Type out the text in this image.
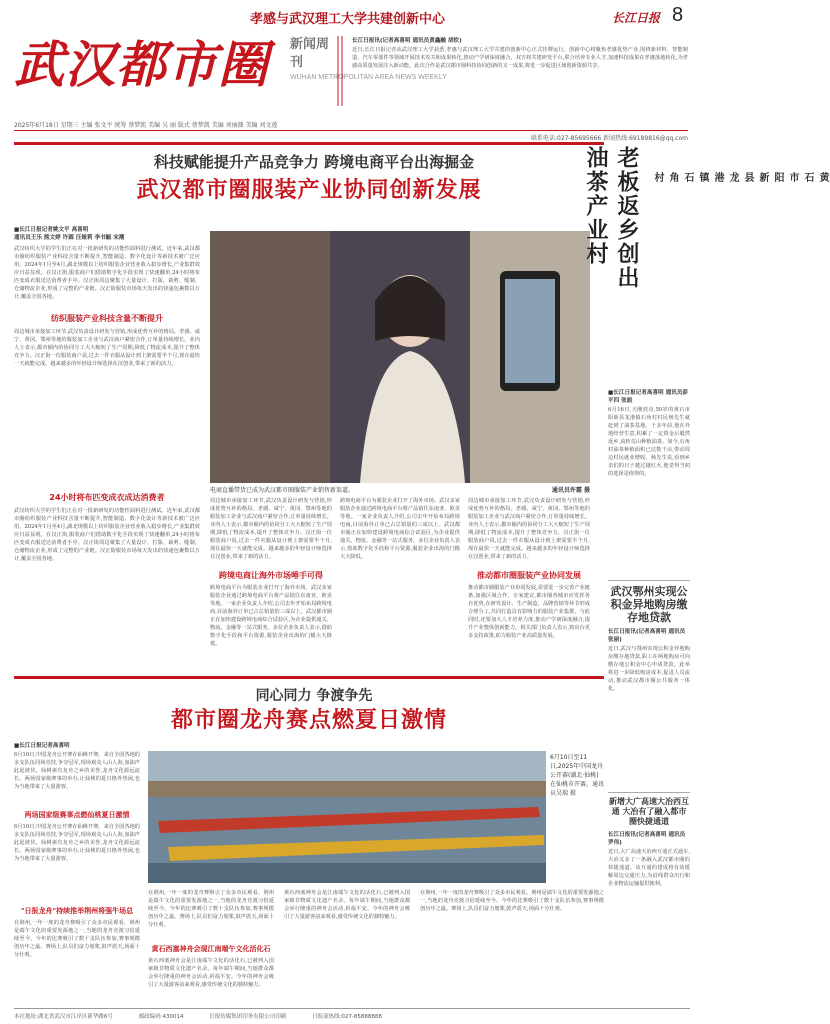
孝感与武汉理工大学共建创新中心	长江日报 8
武汉都市圈 新闻周刊
WUHAN METROPOLITAN AREA NEWS WEEKLY
长江日报讯(记者高喜明 通讯员黄鑫融 胡钦)
近日,长江日报记者从武汉理工大学获悉,孝感与武汉理工大学共建的创新中心正式挂牌运行。创新中心将聚焦孝感优势产业,围绕新材料、智能制造、汽车零部件等领域开展技术攻关和成果转化,推动产学研深度融合。双方将共建研发平台,联合培养专业人才,加速科技成果在孝感落地转化,为孝感高质量发展注入新动能。此次合作是武汉都市圈科技协同创新的又一成果,将进一步促进区域创新资源共享。
2025年6月18日 星期三 主编 张文平 统筹 蔡梦凯 美编 吴 丽 版式 蔡梦凯 美编 刘丽薇 美编 刘文莲
联系电话:027-85695666 新闻热线:69189816@qq.com
科技赋能提升产品竞争力 跨境电商平台出海掘金
武汉都市圈服装产业协同创新发展
■长江日报记者姚文平 高喜明
通讯员王乐 熊文婷 许圆 汪娅莉 李书毓 宋潮
武汉纺织大学的学生们正在对一批新研发的功能性面料进行测试。近年来,武汉都市圈纺织服装产业科技含量不断提升,智能制造、数字化设计等新技术被广泛应用。2024年1月至4月,湖北规模以上纺织服装企业营业收入稳步增长,产业集群效应日益显现。在汉正街,服装商户们借助数字化手段实现了快速翻单,24小时将布匹变成衣服送达消费者手中。汉正街周边聚集了大量设计、打版、裁剪、缝制、仓储物流企业,形成了完整的产业链。汉正街服装市场每天发出的快递包裹数以万计,覆盖全国各地。
纺织服装产业科技含量不断提升
周边城市承接加工环节,武汉负责设计研发与营销,形成优势互补的格局。孝感、咸宁、黄冈、鄂州等地的服装加工企业与武汉商户紧密合作,订单量持续增长。业内人士表示,都市圈内的协同分工大大缩短了生产周期,降低了物流成本,提升了整体竞争力。汉正街一位服装商户说,过去一件衣服从设计到上架需要半个月,现在最快一天就能完成。越来越多的年轻设计师选择在汉创业,带来了新的活力。
24小时将布匹变成衣成达消费者
武汉纺织大学的学生们正在对一批新研发的功能性面料进行测试。近年来,武汉都市圈纺织服装产业科技含量不断提升,智能制造、数字化设计等新技术被广泛应用。2024年1月至4月,湖北规模以上纺织服装企业营业收入稳步增长,产业集群效应日益显现。在汉正街,服装商户们借助数字化手段实现了快速翻单,24小时将布匹变成衣服送达消费者手中。汉正街周边聚集了大量设计、打版、裁剪、缝制、仓储物流企业,形成了完整的产业链。汉正街服装市场每天发出的快递包裹数以万计,覆盖全国各地。
电商直播带货已成为武汉都市圈服装产业销售新渠道。	通讯员许霜 摄
周边城市承接加工环节,武汉负责设计研发与营销,形成优势互补的格局。孝感、咸宁、黄冈、鄂州等地的服装加工企业与武汉商户紧密合作,订单量持续增长。业内人士表示,都市圈内的协同分工大大缩短了生产周期,降低了物流成本,提升了整体竞争力。汉正街一位服装商户说,过去一件衣服从设计到上架需要半个月,现在最快一天就能完成。越来越多的年轻设计师选择在汉创业,带来了新的活力。
跨境电商让海外市场唾手可得
跨境电商平台为服装企业打开了海外市场。武汉多家服装企业通过跨境电商平台将产品销往东南亚、欧美等地。一家企业负责人介绍,公司去年开始布局跨境电商,目前海外订单已占总销量的三成以上。武汉都市圈正在加快建设跨境电商综合试验区,为企业提供通关、物流、金融等一站式服务。多位企业负责人表示,借助数字化手段和平台资源,服装企业出海的门槛大大降低。
跨境电商平台为服装企业打开了海外市场。武汉多家服装企业通过跨境电商平台将产品销往东南亚、欧美等地。一家企业负责人介绍,公司去年开始布局跨境电商,目前海外订单已占总销量的三成以上。武汉都市圈正在加快建设跨境电商综合试验区,为企业提供通关、物流、金融等一站式服务。多位企业负责人表示,借助数字化手段和平台资源,服装企业出海的门槛大大降低。
周边城市承接加工环节,武汉负责设计研发与营销,形成优势互补的格局。孝感、咸宁、黄冈、鄂州等地的服装加工企业与武汉商户紧密合作,订单量持续增长。业内人士表示,都市圈内的协同分工大大缩短了生产周期,降低了物流成本,提升了整体竞争力。汉正街一位服装商户说,过去一件衣服从设计到上架需要半个月,现在最快一天就能完成。越来越多的年轻设计师选择在汉创业,带来了新的活力。
推动都市圈服装产业协同发展
推动都市圈服装产业协同发展,需要进一步完善产业链条,加强区域合作。专家建议,都市圈各城市应发挥各自优势,在研发设计、生产制造、品牌营销等环节形成合理分工,共同打造具有影响力的服装产业集群。与此同时,还要加大人才培养力度,推动产学研深度融合,提升产业整体创新能力。相关部门负责人表示,将出台更多支持政策,助力服装产业高质量发展。
老板返乡创出油茶产业村	黄石市阳新县龙港镇石角村
■长江日报记者高喜明 通讯员彭平四 张振
6月16日,天刚放亮,50岁的黄石市阳新县龙港镇石角村村民杨先生就赶到了油茶基地。十多年前,他在外地经营生意,积累了一定资金后毅然返乡,流转荒山种植油茶。如今,石角村油茶种植面积已达数千亩,带动周边村民就业增收。杨先生说,看到乡亲们的日子越过越红火,他觉得当初的选择是值得的。
武汉鄂州实现公积金异地购房缴存地贷款
长江日报讯(记者高喜明 通讯员张丽)
近日,武汉与鄂州实现公积金异地购房缴存地贷款,职工在两地购房可向缴存地公积金中心申请贷款。此举将进一步降低购房成本,促进人员流动,推动武汉都市圈公共服务一体化。
新增大广高速大冶西互通 大冶有了融入都市圈快捷通道
长江日报讯(记者高喜明 通讯员 罗伟)
近日,大广高速大冶西互通正式通车,大冶又多了一条融入武汉都市圈的快捷通道。该互通的建成将有效缓解周边交通压力,为沿线群众出行和企业物流运输提供便利。
同心同力 争渡争先
都市圈龙舟赛点燃夏日激情
■长江日报记者高喜明
6月10日,中国龙舟公开赛在仙桃开赛。来自全国各地的多支队伍同场竞技,争夺冠军,现场观众人山人海,加油声此起彼伏。仙桃素有龙舟之乡的美誉,龙舟文化源远流长。两场国家级赛事的举办,让仙桃的夏日格外热闹,也为当地带来了大量游客。
两场国家级赛事点燃仙桃夏日激情
6月10日,中国龙舟公开赛在仙桃开赛。来自全国各地的多支队伍同场竞技,争夺冠军,现场观众人山人海,加油声此起彼伏。仙桃素有龙舟之乡的美誉,龙舟文化源远流长。两场国家级赛事的举办,让仙桃的夏日格外热闹,也为当地带来了大量游客。
"日报龙舟"持续推举荆州将强牛场总
在荆州,一年一度的龙舟赛吸引了众多市民观看。荆州是端午文化的重要发源地之一,当地的龙舟竞渡习俗延续至今。今年的比赛吸引了数十支队伍参加,赛事规模创历年之最。赛场上,队员们奋力划桨,鼓声震天,场面十分壮观。
6月10日至11日,2025年中国龙舟公开赛(湖北·仙桃)在仙桃市开赛。通讯员吴瑞 摄
在荆州,一年一度的龙舟赛吸引了众多市民观看。荆州是端午文化的重要发源地之一,当地的龙舟竞渡习俗延续至今。今年的比赛吸引了数十支队伍参加,赛事规模创历年之最。赛场上,队员们奋力划桨,鼓声震天,场面十分壮观。
黄石西塞神舟会现江南端午文化活化石
黄石西塞神舟会是江南端午文化的活化石,已被列入国家级非物质文化遗产名录。每年端午期间,当地群众都会举行隆重的神舟会活动,祈福平安。今年的神舟会吸引了大量游客前来观看,感受传统文化的独特魅力。
黄石西塞神舟会是江南端午文化的活化石,已被列入国家级非物质文化遗产名录。每年端午期间,当地群众都会举行隆重的神舟会活动,祈福平安。今年的神舟会吸引了大量游客前来观看,感受传统文化的独特魅力。
在荆州,一年一度的龙舟赛吸引了众多市民观看。荆州是端午文化的重要发源地之一,当地的龙舟竞渡习俗延续至今。今年的比赛吸引了数十支队伍参加,赛事规模创历年之最。赛场上,队员们奋力划桨,鼓声震天,场面十分壮观。
本社地址:湖北省武汉市江岸区新华路6号	邮政编码:430014	长报传媒集团印务有限公司印刷	日报部热线:027-85888888
